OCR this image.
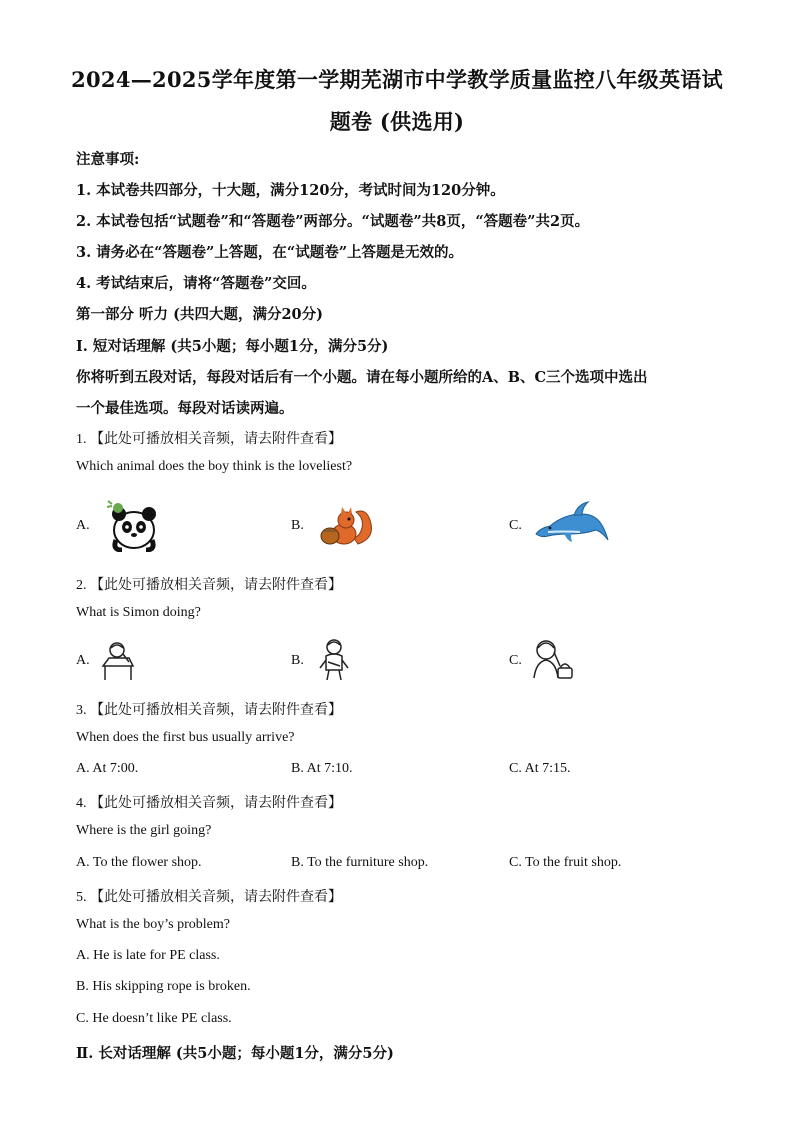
2024—2025学年度第一学期芜湖市中学教学质量监控八年级英语试
题卷 (供选用)
注意事项:
1. 本试卷共四部分，十大题，满分120分，考试时间为120分钟。
2. 本试卷包括“试题卷”和“答题卷”两部分。“试题卷”共8页，“答题卷”共2页。
3. 请务必在“答题卷”上答题，在“试题卷”上答题是无效的。
4. 考试结束后，请将“答题卷”交回。
第一部分 听力 (共四大题，满分20分)
Ⅰ. 短对话理解 (共5小题；每小题1分，满分5分)
你将听到五段对话，每段对话后有一个小题。请在每小题所给的A、B、C三个选项中选出
一个最佳选项。每段对话读两遍。
1. 【此处可播放相关音频，请去附件查看】
Which animal does the boy think is the loveliest?
A.	B.	C.
2. 【此处可播放相关音频，请去附件查看】
What is Simon doing?
A.	B.	C.
3. 【此处可播放相关音频，请去附件查看】
When does the first bus usually arrive?
A. At 7:00.	B. At 7:10.	C. At 7:15.
4. 【此处可播放相关音频，请去附件查看】
Where is the girl going?
A. To the flower shop.	B. To the furniture shop.	C. To the fruit shop.
5. 【此处可播放相关音频，请去附件查看】
What is the boy’s problem?
A. He is late for PE class.
B. His skipping rope is broken.
C. He doesn’t like PE class.
Ⅱ. 长对话理解 (共5小题；每小题1分，满分5分)
